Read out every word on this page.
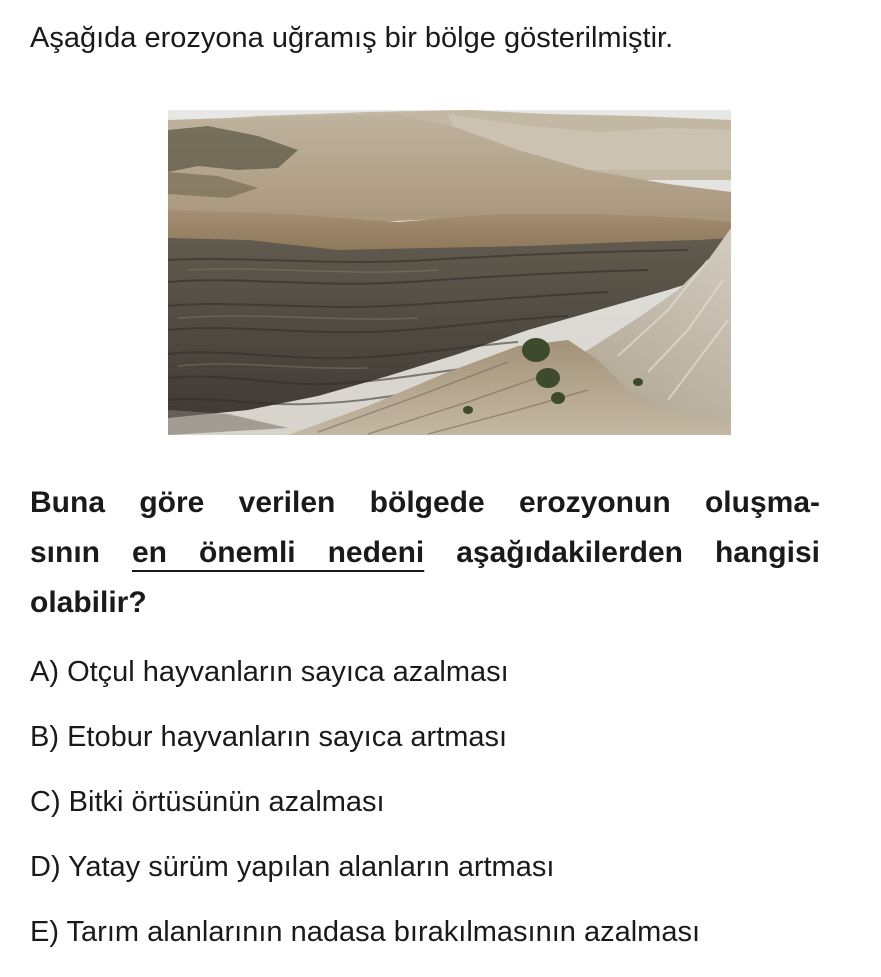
Aşağıda erozyona uğramış bir bölge gösterilmiştir.
Buna göre verilen bölgede erozyonun oluşma-
sının en önemli nedeni aşağıdakilerden hangisi
olabilir?
A) Otçul hayvanların sayıca azalması
B) Etobur hayvanların sayıca artması
C) Bitki örtüsünün azalması
D) Yatay sürüm yapılan alanların artması
E) Tarım alanlarının nadasa bırakılmasının azalması
